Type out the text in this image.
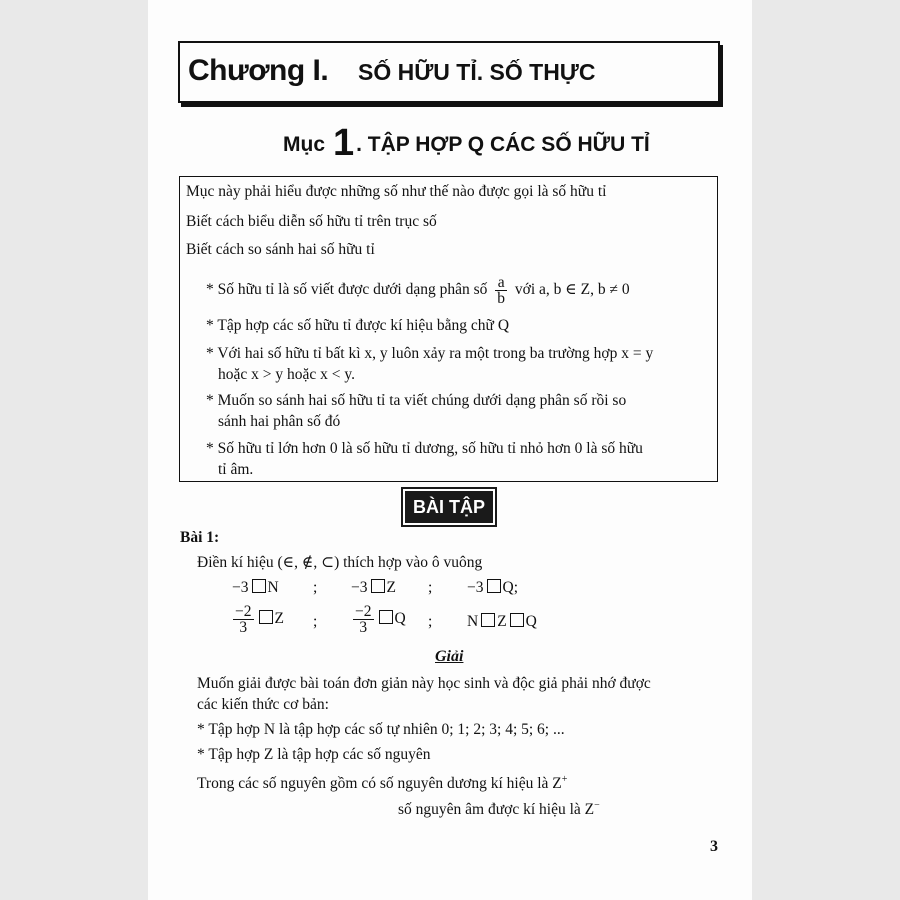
Chương I. SỐ HỮU TỈ. SỐ THỰC
Mục 1. TẬP HỢP Q CÁC SỐ HỮU TỈ
Mục này phải hiểu được những số như thế nào được gọi là số hữu tỉ
Biết cách biểu diễn số hữu tỉ trên trục số
Biết cách so sánh hai số hữu tỉ
* Số hữu tỉ là số viết được dưới dạng phân số $\frac{a}{b}$ với a, b ∈ Z, b ≠ 0
* Tập hợp các số hữu tỉ được kí hiệu bằng chữ Q
* Với hai số hữu tỉ bất kì x, y luôn xảy ra một trong ba trường hợp x = y
hoặc x > y hoặc x < y.
* Muốn so sánh hai số hữu tỉ ta viết chúng dưới dạng phân số rồi so
sánh hai phân số đó
* Số hữu tỉ lớn hơn 0 là số hữu tỉ dương, số hữu tỉ nhỏ hơn 0 là số hữu
tỉ âm.
BÀI TẬP
Bài 1:
Điền kí hiệu (∈, ∉, ⊂) thích hợp vào ô vuông
−3 N ; −3 Z ; −3 Q;
$\frac{-2}{3}$ Z ; $\frac{-2}{3}$ Q ; N Z Q
Giải
Muốn giải được bài toán đơn giản này học sinh và độc giả phải nhớ được
các kiến thức cơ bản:
* Tập hợp N là tập hợp các số tự nhiên 0; 1; 2; 3; 4; 5; 6; ...
* Tập hợp Z là tập hợp các số nguyên
Trong các số nguyên gồm có số nguyên dương kí hiệu là Z+
số nguyên âm được kí hiệu là Z−
3
